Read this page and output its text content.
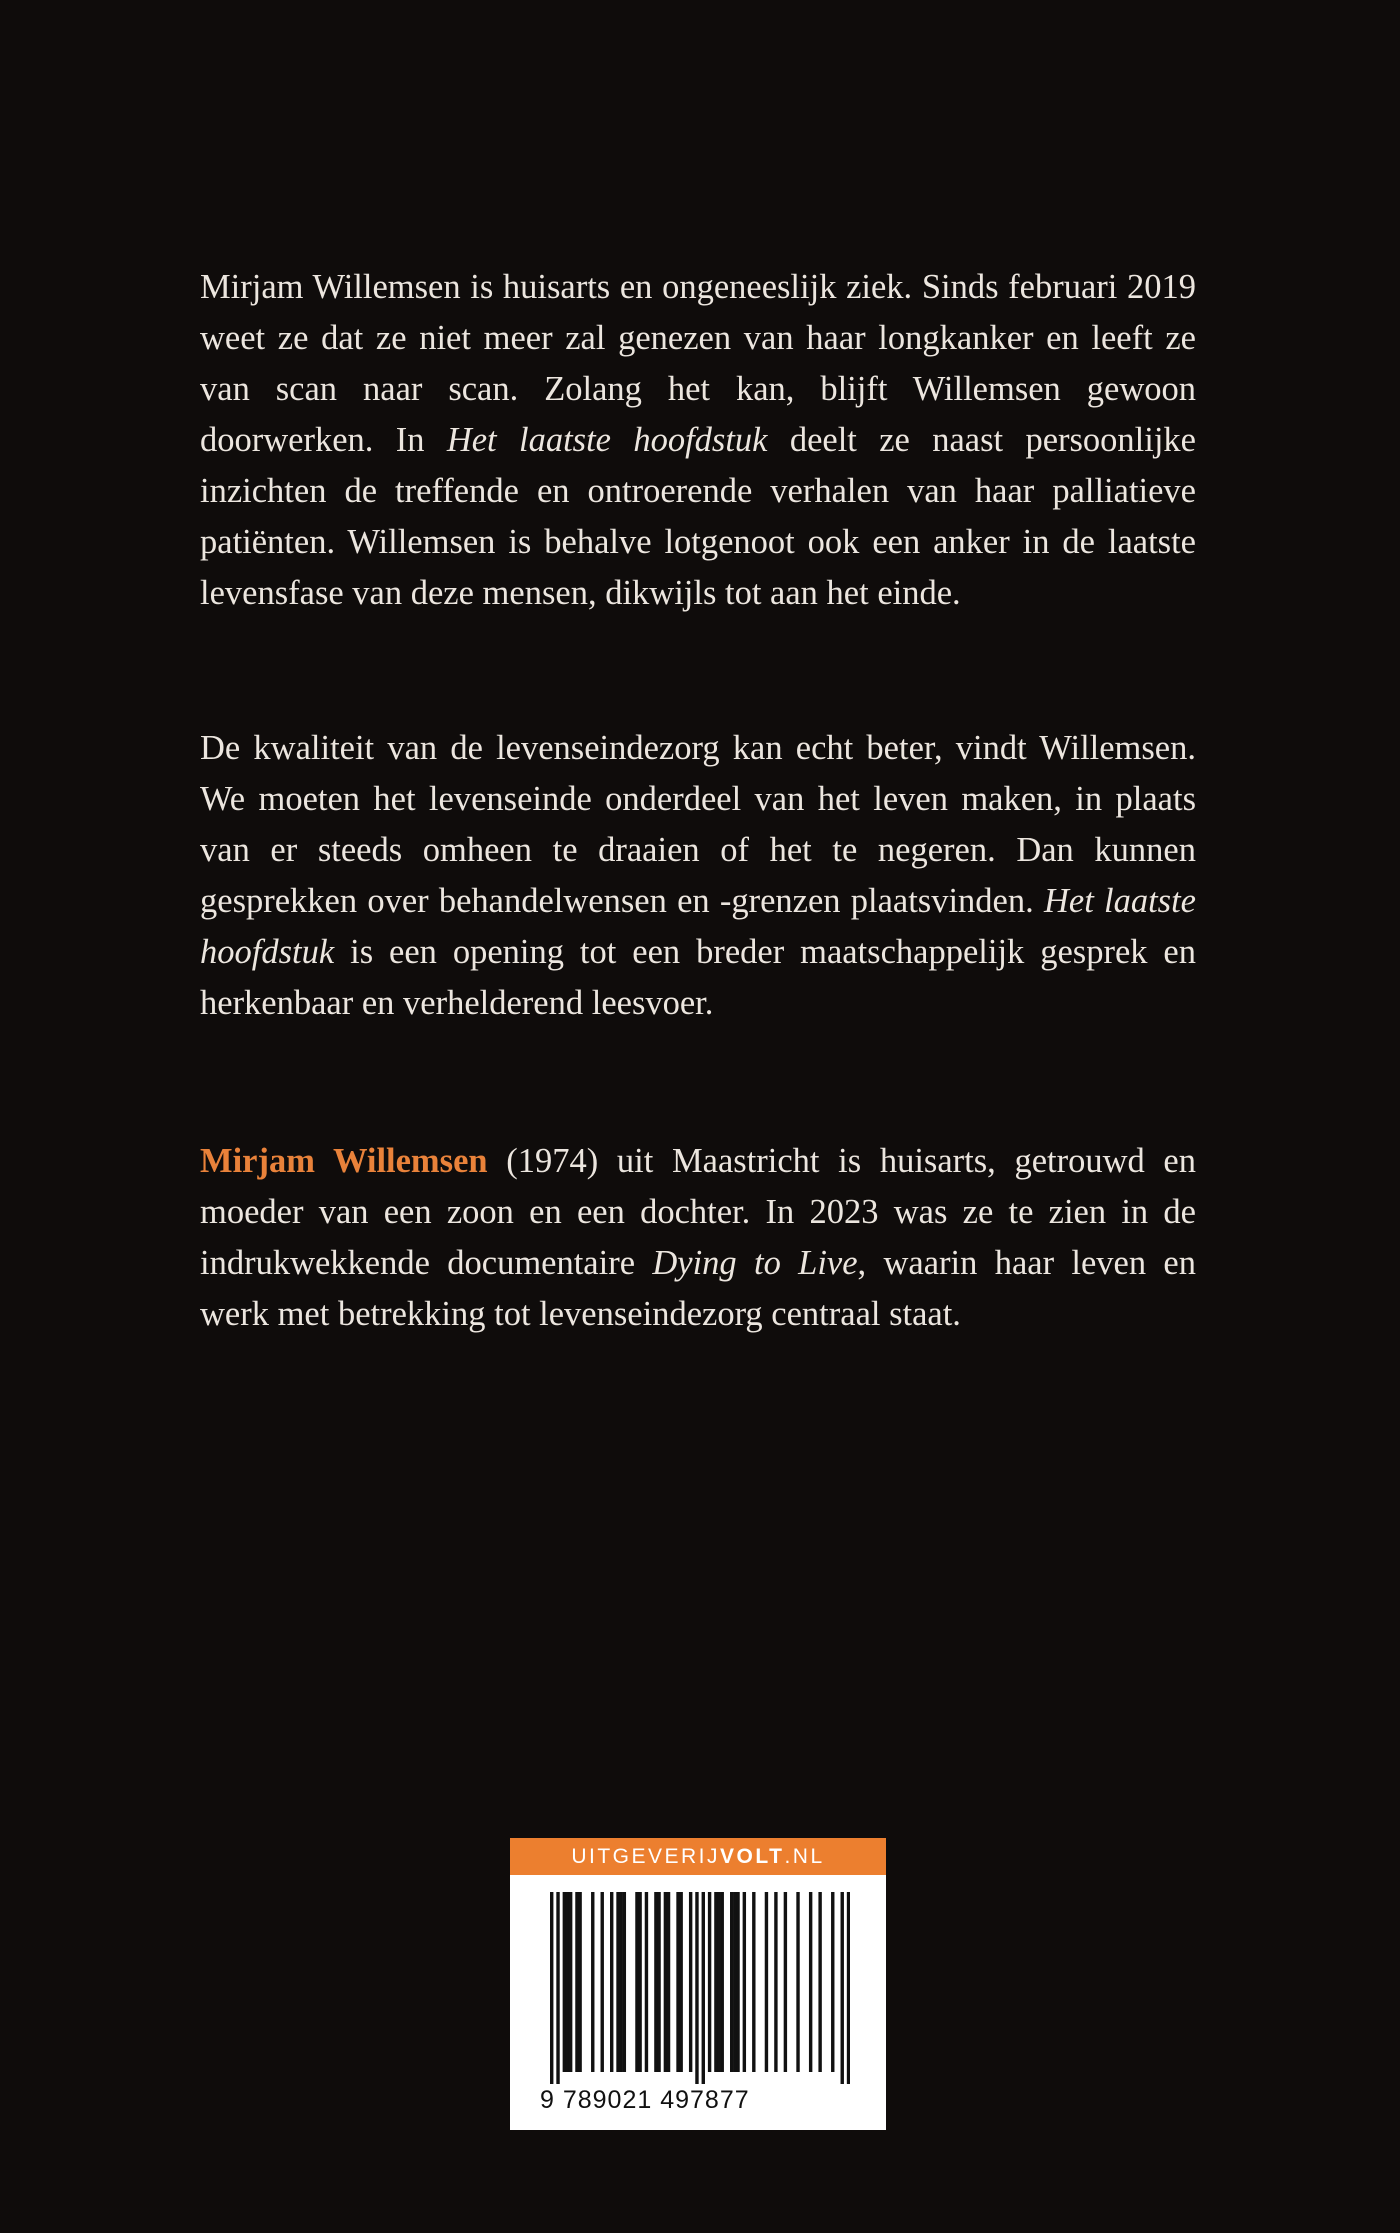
Mirjam Willemsen is huisarts en ongeneeslijk ziek. Sinds februari 2019 weet ze dat ze niet meer zal genezen van haar longkanker en leeft ze van scan naar scan. Zolang het kan, blijft Willemsen gewoon doorwerken. In Het laatste hoofdstuk deelt ze naast persoonlijke inzichten de treffende en ontroerende verhalen van haar palliatieve patiënten. Willemsen is behalve lotgenoot ook een anker in de laatste levensfase van deze mensen, dikwijls tot aan het einde.

De kwaliteit van de levenseindezorg kan echt beter, vindt Willemsen. We moeten het levenseinde onderdeel van het leven maken, in plaats van er steeds omheen te draaien of het te negeren. Dan kunnen gesprekken over behandelwensen en -grenzen plaatsvinden. Het laatste hoofdstuk is een opening tot een breder maatschappelijk gesprek en herkenbaar en verhelderend leesvoer.

Mirjam Willemsen (1974) uit Maastricht is huisarts, getrouwd en moeder van een zoon en een dochter. In 2023 was ze te zien in de indrukwekkende documentaire Dying to Live, waarin haar leven en werk met betrekking tot levenseindezorg centraal staat.

UITGEVERIJVOLT.NL
9 789021 497877
